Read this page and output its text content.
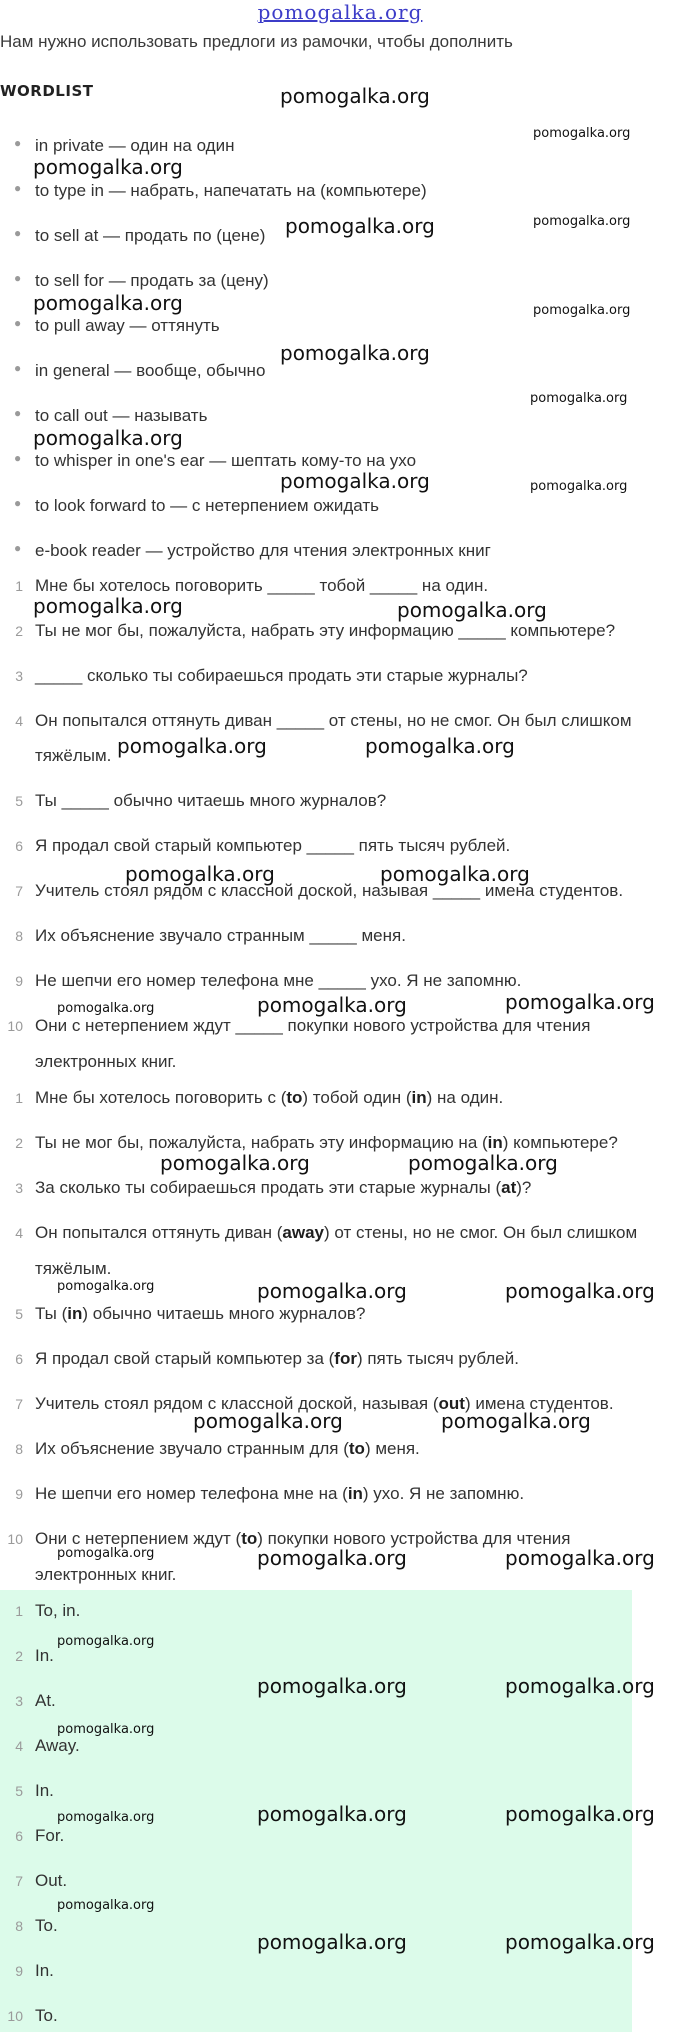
pomogalka.org
Нам нужно использовать предлоги из рамочки, чтобы дополнить
WORDLIST
● in private — один на один
● to type in — набрать, напечатать на (компьютере)
● to sell at — продать по (цене)
● to sell for — продать за (цену)
● to pull away — оттянуть
● in general — вообще, обычно
● to call out — называть
● to whisper in one's ear — шептать кому-то на ухо
● to look forward to — с нетерпением ожидать
● e-book reader — устройство для чтения электронных книг
1 Мне бы хотелось поговорить _____ тобой _____ на один.
2 Ты не мог бы, пожалуйста, набрать эту информацию _____ компьютере?
3 _____ сколько ты собираешься продать эти старые журналы?
4 Он попытался оттянуть диван _____ от стены, но не смог. Он был слишком
тяжёлым.
5 Ты _____ обычно читаешь много журналов?
6 Я продал свой старый компьютер _____ пять тысяч рублей.
7 Учитель стоял рядом с классной доской, называя _____ имена студентов.
8 Их объяснение звучало странным _____ меня.
9 Не шепчи его номер телефона мне _____ ухо. Я не запомню.
10 Они с нетерпением ждут _____ покупки нового устройства для чтения
электронных книг.
1 Мне бы хотелось поговорить с (to) тобой один (in) на один.
2 Ты не мог бы, пожалуйста, набрать эту информацию на (in) компьютере?
3 За сколько ты собираешься продать эти старые журналы (at)?
4 Он попытался оттянуть диван (away) от стены, но не смог. Он был слишком
тяжёлым.
5 Ты (in) обычно читаешь много журналов?
6 Я продал свой старый компьютер за (for) пять тысяч рублей.
7 Учитель стоял рядом с классной доской, называя (out) имена студентов.
8 Их объяснение звучало странным для (to) меня.
9 Не шепчи его номер телефона мне на (in) ухо. Я не запомню.
10 Они с нетерпением ждут (to) покупки нового устройства для чтения
электронных книг.
1 To, in.
2 In.
3 At.
4 Away.
5 In.
6 For.
7 Out.
8 To.
9 In.
10 To.
pomogalka.org
pomogalka.org
pomogalka.org
pomogalka.org	pomogalka.org
pomogalka.org	pomogalka.org
pomogalka.org
pomogalka.org
pomogalka.org
pomogalka.org	pomogalka.org
pomogalka.org	pomogalka.org
pomogalka.org	pomogalka.org
pomogalka.org	pomogalka.org
pomogalka.org	pomogalka.org	pomogalka.org
pomogalka.org	pomogalka.org
pomogalka.org	pomogalka.org	pomogalka.org
pomogalka.org	pomogalka.org
pomogalka.org	pomogalka.org	pomogalka.org
pomogalka.org
pomogalka.org	pomogalka.org
pomogalka.org
pomogalka.org	pomogalka.org
pomogalka.org
pomogalka.org
pomogalka.org	pomogalka.org
